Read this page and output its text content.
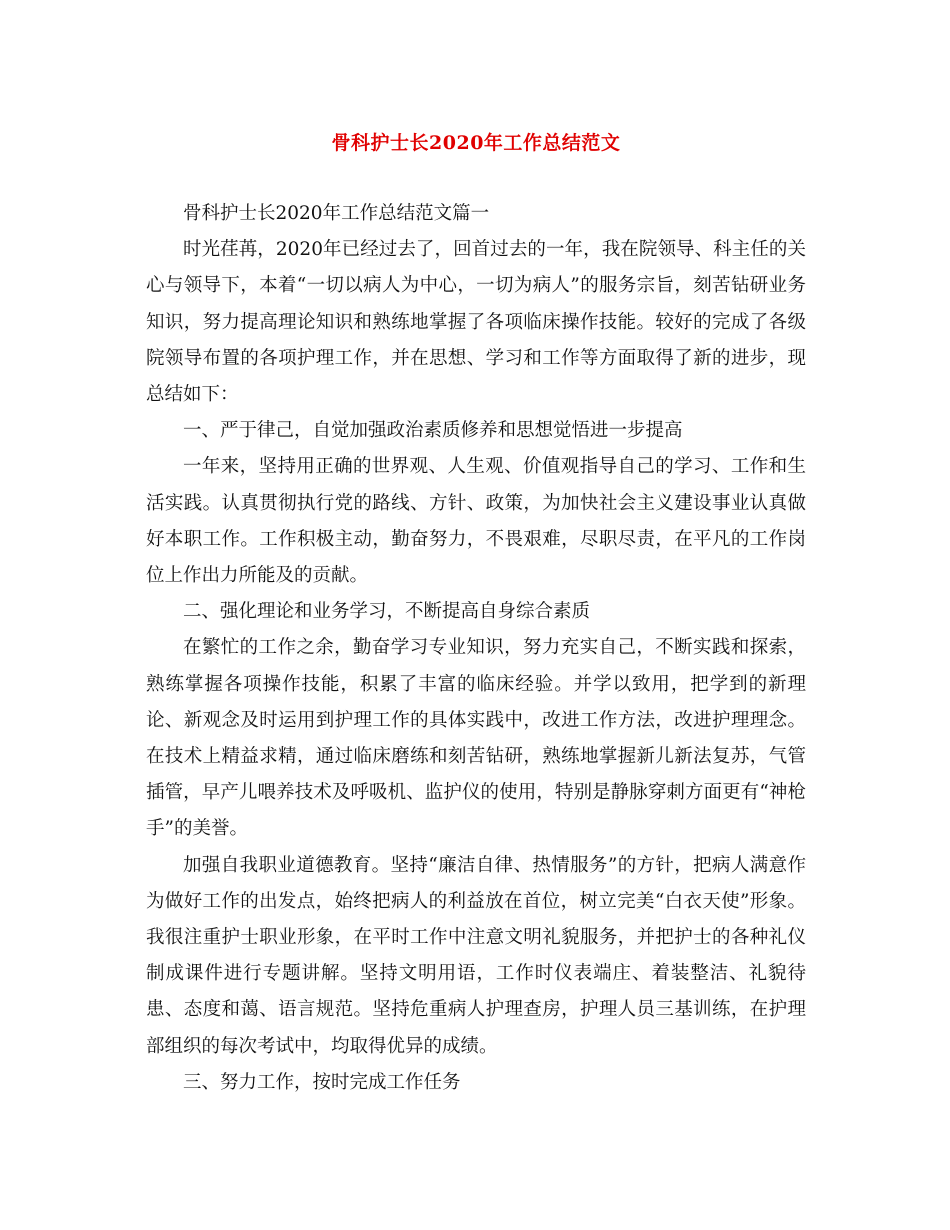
骨科护士长2020年工作总结范文

骨科护士长2020年工作总结范文篇一

时光荏苒，2020年已经过去了，回首过去的一年，我在院领导、科主任的关心与领导下，本着“一切以病人为中心，一切为病人”的服务宗旨，刻苦钻研业务知识，努力提高理论知识和熟练地掌握了各项临床操作技能。较好的完成了各级院领导布置的各项护理工作，并在思想、学习和工作等方面取得了新的进步，现总结如下：

一、严于律己，自觉加强政治素质修养和思想觉悟进一步提高

一年来，坚持用正确的世界观、人生观、价值观指导自己的学习、工作和生活实践。认真贯彻执行党的路线、方针、政策，为加快社会主义建设事业认真做好本职工作。工作积极主动，勤奋努力，不畏艰难，尽职尽责，在平凡的工作岗位上作出力所能及的贡献。

二、强化理论和业务学习，不断提高自身综合素质

在繁忙的工作之余，勤奋学习专业知识，努力充实自己，不断实践和探索，熟练掌握各项操作技能，积累了丰富的临床经验。并学以致用，把学到的新理论、新观念及时运用到护理工作的具体实践中，改进工作方法，改进护理理念。在技术上精益求精，通过临床磨练和刻苦钻研，熟练地掌握新儿新法复苏，气管插管，早产儿喂养技术及呼吸机、监护仪的使用，特别是静脉穿刺方面更有“神枪手”的美誉。

加强自我职业道德教育。坚持“廉洁自律、热情服务”的方针，把病人满意作为做好工作的出发点，始终把病人的利益放在首位，树立完美“白衣天使”形象。我很注重护士职业形象，在平时工作中注意文明礼貌服务，并把护士的各种礼仪制成课件进行专题讲解。坚持文明用语，工作时仪表端庄、着装整洁、礼貌待患、态度和蔼、语言规范。坚持危重病人护理查房，护理人员三基训练，在护理部组织的每次考试中，均取得优异的成绩。

三、努力工作，按时完成工作任务
